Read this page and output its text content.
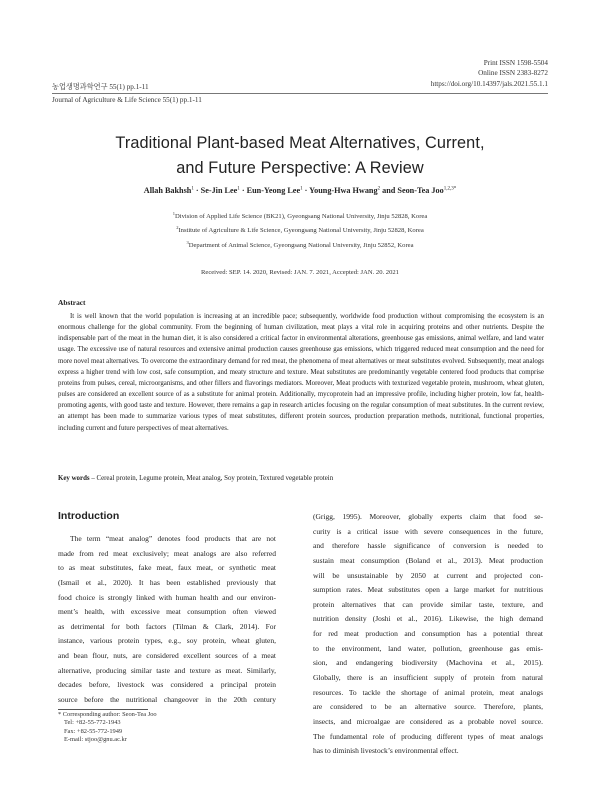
Print ISSN 1598-5504
Online ISSN 2383-8272
https://doi.org/10.14397/jals.2021.55.1.1
농업생명과학연구 55(1) pp.1-11
Journal of Agriculture & Life Science 55(1) pp.1-11
Traditional Plant-based Meat Alternatives, Current,
and Future Perspective: A Review
Allah Bakhsh$^1$ · Se-Jin Lee$^1$ · Eun-Yeong Lee$^1$ · Young-Hwa Hwang$^2$ and Seon-Tea Joo$^{1,2,3*}$
$^1$Division of Applied Life Science (BK21), Gyeongsang National University, Jinju 52828, Korea
$^2$Institute of Agriculture & Life Science, Gyeongsang National University, Jinju 52828, Korea
$^3$Department of Animal Science, Gyeongsang National University, Jinju 52852, Korea
Received: SEP. 14. 2020, Revised: JAN. 7. 2021, Accepted: JAN. 20. 2021
Abstract
It is well known that the world population is increasing at an incredible pace; subsequently, worldwide food production without compromising the ecosystem is an enormous challenge for the global community. From the beginning of human civilization, meat plays a vital role in acquiring proteins and other nutrients. Despite the indispensable part of the meat in the human diet, it is also considered a critical factor in environmental alterations, greenhouse gas emissions, animal welfare, and land water usage. The excessive use of natural resources and extensive animal production causes greenhouse gas emissions, which triggered reduced meat consumption and the need for more novel meat alternatives. To overcome the extraordinary demand for red meat, the phenomena of meat alternatives or meat substitutes evolved. Subsequently, meat analogs express a higher trend with low cost, safe consumption, and meaty structure and texture. Meat substitutes are predominantly vegetable centered food products that comprise proteins from pulses, cereal, microorganisms, and other fillers and flavorings mediators. Moreover, Meat products with texturized vegetable protein, mushroom, wheat gluten, pulses are considered an excellent source of as a substitute for animal protein. Additionally, mycoprotein had an impressive profile, including higher protein, low fat, health-promoting agents, with good taste and texture. However, there remains a gap in research articles focusing on the regular consumption of meat substitutes. In the current review, an attempt has been made to summarize various types of meat substitutes, different protein sources, production preparation methods, nutritional, functional properties, including current and future perspectives of meat alternatives.
Key words – Cereal protein, Legume protein, Meat analog, Soy protein, Textured vegetable protein
Introduction
The term “meat analog” denotes food products that are not
made from red meat exclusively; meat analogs are also referred
to as meat substitutes, fake meat, faux meat, or synthetic meat
(Ismail et al., 2020). It has been established previously that
food choice is strongly linked with human health and our environ-
ment’s health, with excessive meat consumption often viewed
as detrimental for both factors (Tilman & Clark, 2014). For
instance, various protein types, e.g., soy protein, wheat gluten,
and bean flour, nuts, are considered excellent sources of a meat
alternative, producing similar taste and texture as meat. Similarly,
decades before, livestock was considered a principal protein
source before the nutritional changeover in the 20th century
(Grigg, 1995). Moreover, globally experts claim that food se-
curity is a critical issue with severe consequences in the future,
and therefore hassle significance of conversion is needed to
sustain meat consumption (Boland et al., 2013). Meat production
will be unsustainable by 2050 at current and projected con-
sumption rates. Meat substitutes open a large market for nutritious
protein alternatives that can provide similar taste, texture, and
nutrition density (Joshi et al., 2016). Likewise, the high demand
for red meat production and consumption has a potential threat
to the environment, land water, pollution, greenhouse gas emis-
sion, and endangering biodiversity (Machovina et al., 2015).
Globally, there is an insufficient supply of protein from natural
resources. To tackle the shortage of animal protein, meat analogs
are considered to be an alternative source. Therefore, plants,
insects, and microalgae are considered as a probable novel source.
The fundamental role of producing different types of meat analogs
has to diminish livestock’s environmental effect.
* Corresponding author: Seon-Tea Joo
Tel: +82-55-772-1943
Fax: +82-55-772-1949
E-mail: stjoo@gnu.ac.kr
